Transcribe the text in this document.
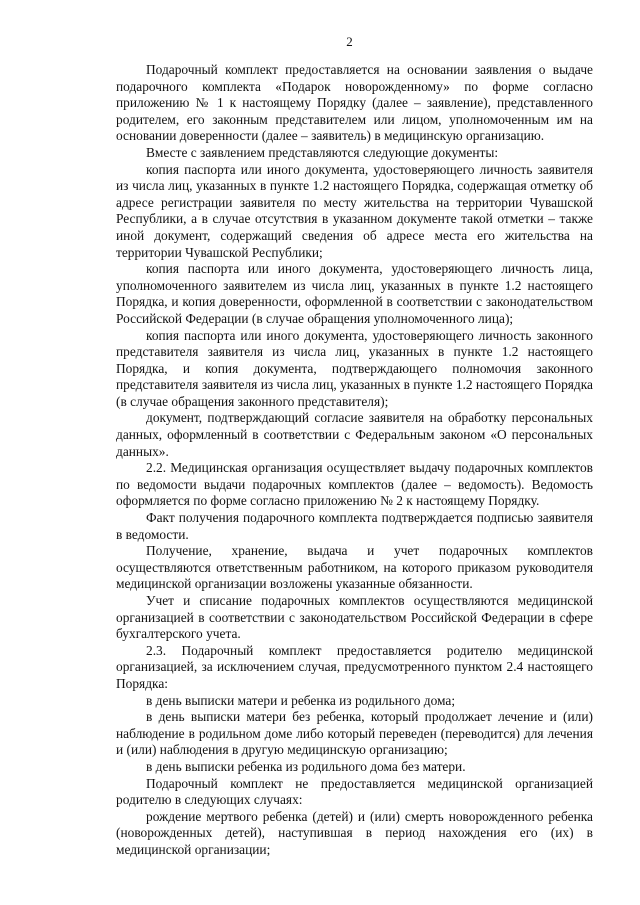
2

Подарочный комплект предоставляется на основании заявления о выдаче подарочного комплекта «Подарок новорожденному» по форме согласно приложению № 1 к настоящему Порядку (далее – заявление), представленного родителем, его законным представителем или лицом, уполномоченным им на основании доверенности (далее – заявитель) в медицинскую организацию.

Вместе с заявлением представляются следующие документы:

копия паспорта или иного документа, удостоверяющего личность заявителя из числа лиц, указанных в пункте 1.2 настоящего Порядка, содержащая отметку об адресе регистрации заявителя по месту жительства на территории Чувашской Республики, а в случае отсутствия в указанном документе такой отметки – также иной документ, содержащий сведения об адресе места его жительства на территории Чувашской Республики;

копия паспорта или иного документа, удостоверяющего личность лица, уполномоченного заявителем из числа лиц, указанных в пункте 1.2 настоящего Порядка, и копия доверенности, оформленной в соответствии с законодательством Российской Федерации (в случае обращения уполномоченного лица);

копия паспорта или иного документа, удостоверяющего личность законного представителя заявителя из числа лиц, указанных в пункте 1.2 настоящего Порядка, и копия документа, подтверждающего полномочия законного представителя заявителя из числа лиц, указанных в пункте 1.2 настоящего Порядка (в случае обращения законного представителя);

документ, подтверждающий согласие заявителя на обработку персональных данных, оформленный в соответствии с Федеральным законом «О персональных данных».

2.2. Медицинская организация осуществляет выдачу подарочных комплектов по ведомости выдачи подарочных комплектов (далее – ведомость). Ведомость оформляется по форме согласно приложению № 2 к настоящему Порядку.

Факт получения подарочного комплекта подтверждается подписью заявителя в ведомости.

Получение, хранение, выдача и учет подарочных комплектов осуществляются ответственным работником, на которого приказом руководителя медицинской организации возложены указанные обязанности.

Учет и списание подарочных комплектов осуществляются медицинской организацией в соответствии с законодательством Российской Федерации в сфере бухгалтерского учета.

2.3. Подарочный комплект предоставляется родителю медицинской организацией, за исключением случая, предусмотренного пунктом 2.4 настоящего Порядка:

в день выписки матери и ребенка из родильного дома;

в день выписки матери без ребенка, который продолжает лечение и (или) наблюдение в родильном доме либо который переведен (переводится) для лечения и (или) наблюдения в другую медицинскую организацию;

в день выписки ребенка из родильного дома без матери.

Подарочный комплект не предоставляется медицинской организацией родителю в следующих случаях:

рождение мертвого ребенка (детей) и (или) смерть новорожденного ребенка (новорожденных детей), наступившая в период нахождения его (их) в медицинской организации;
